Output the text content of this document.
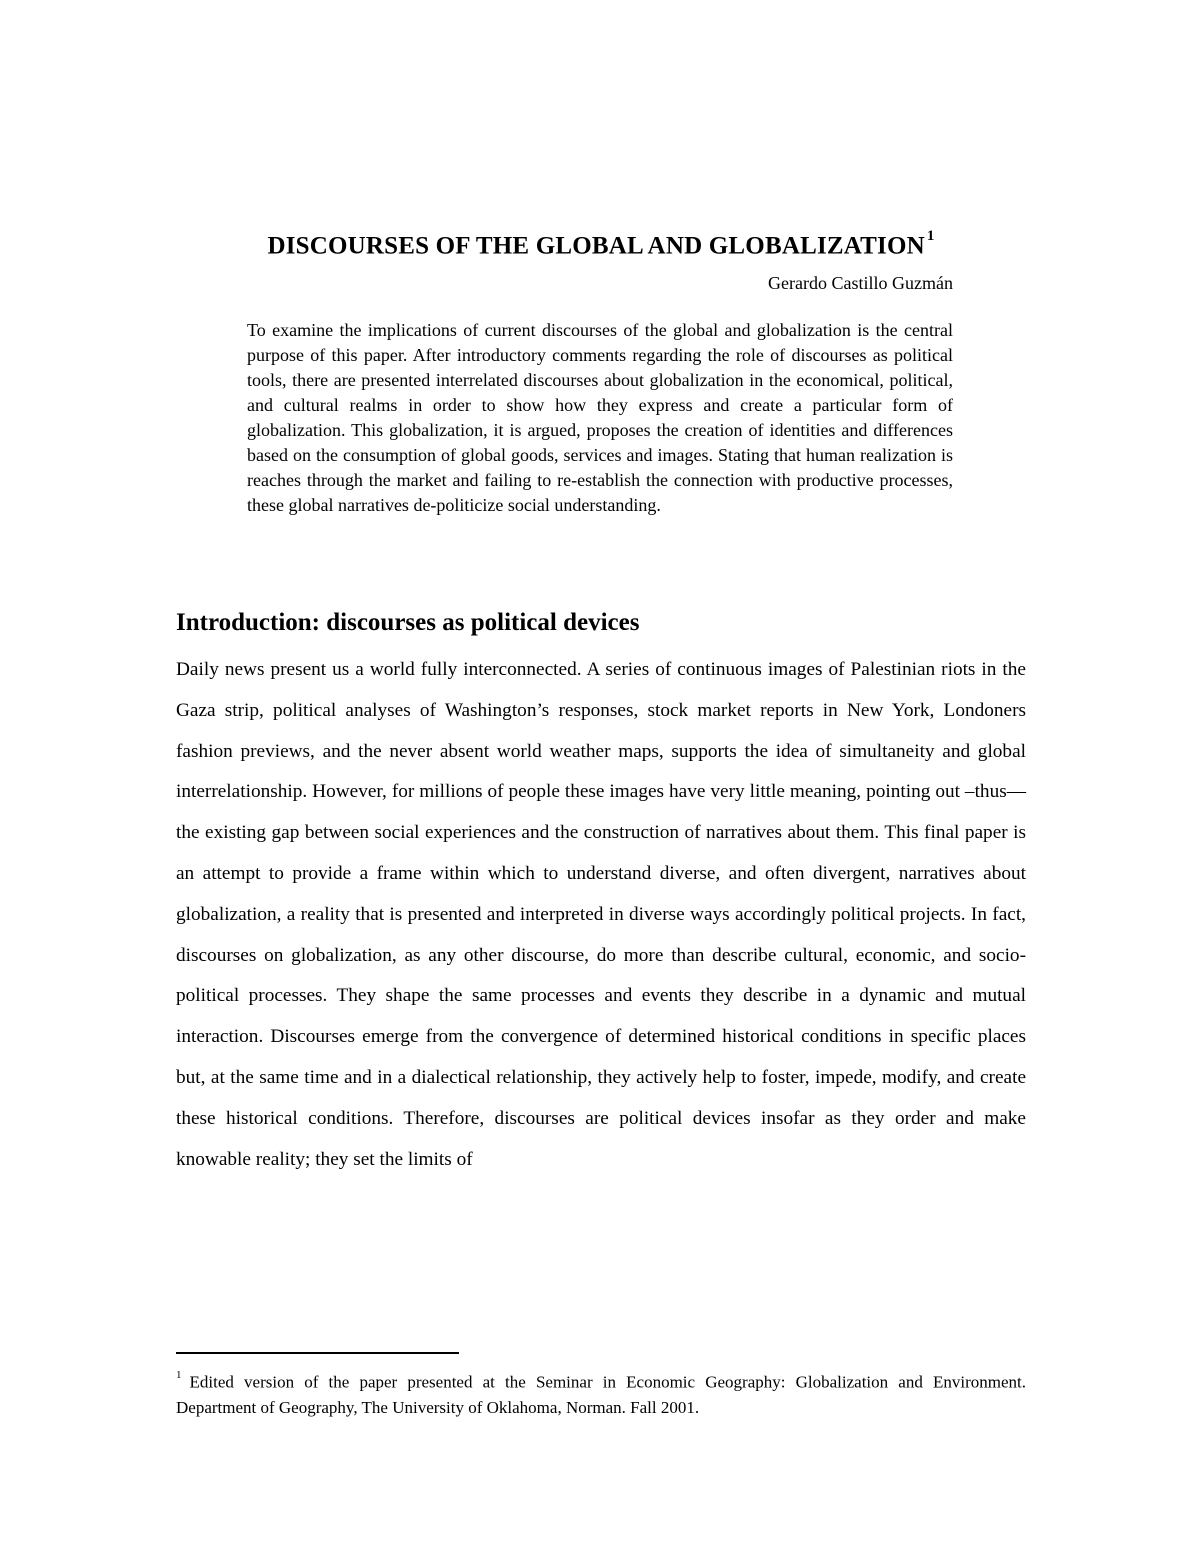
DISCOURSES OF THE GLOBAL AND GLOBALIZATION $^1$
Gerardo Castillo Guzmán

To examine the implications of current discourses of the global and globalization is the central purpose of this paper. After introductory comments regarding the role of discourses as political tools, there are presented interrelated discourses about globalization in the economical, political, and cultural realms in order to show how they express and create a particular form of globalization. This globalization, it is argued, proposes the creation of identities and differences based on the consumption of global goods, services and images. Stating that human realization is reaches through the market and failing to re-establish the connection with productive processes, these global narratives de-politicize social understanding.

Introduction: discourses as political devices

Daily news present us a world fully interconnected. A series of continuous images of Palestinian riots in the Gaza strip, political analyses of Washington’s responses, stock market reports in New York, Londoners fashion previews, and the never absent world weather maps, supports the idea of simultaneity and global interrelationship. However, for millions of people these images have very little meaning, pointing out –thus— the existing gap between social experiences and the construction of narratives about them. This final paper is an attempt to provide a frame within which to understand diverse, and often divergent, narratives about globalization, a reality that is presented and interpreted in diverse ways accordingly political projects. In fact, discourses on globalization, as any other discourse, do more than describe cultural, economic, and socio-political processes. They shape the same processes and events they describe in a dynamic and mutual interaction. Discourses emerge from the convergence of determined historical conditions in specific places but, at the same time and in a dialectical relationship, they actively help to foster, impede, modify, and create these historical conditions. Therefore, discourses are political devices insofar as they order and make knowable reality; they set the limits of

$^1$ Edited version of the paper presented at the Seminar in Economic Geography: Globalization and Environment. Department of Geography, The University of Oklahoma, Norman. Fall 2001.
